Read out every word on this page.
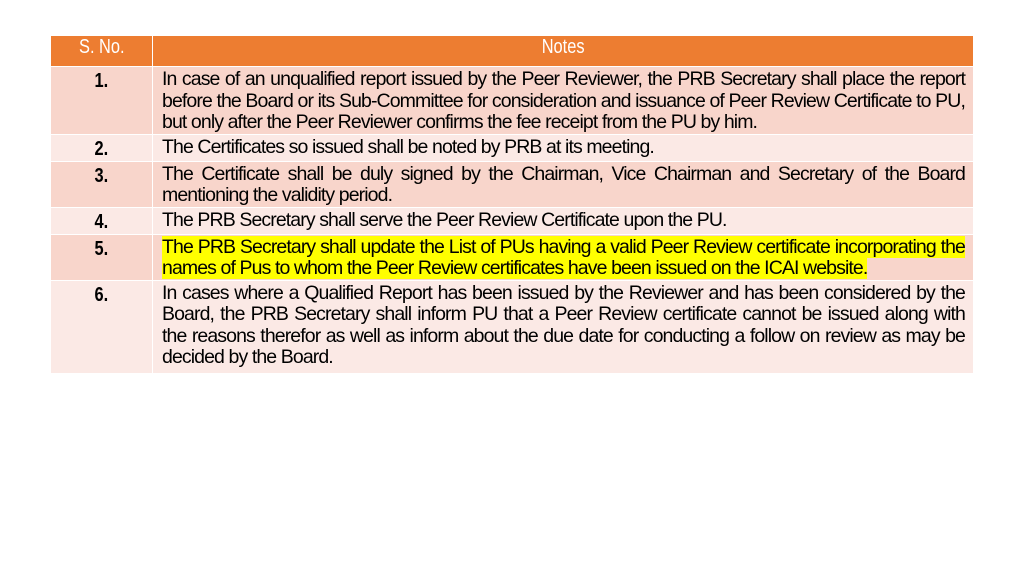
S. No.	Notes
1.	In case of an unqualified report issued by the Peer Reviewer, the PRB Secretary shall place the report before the Board or its Sub-Committee for consideration and issuance of Peer Review Certificate to PU, but only after the Peer Reviewer confirms the fee receipt from the PU by him.

2.	The Certificates so issued shall be noted by PRB at its meeting.

3.	The Certificate shall be duly signed by the Chairman, Vice Chairman and Secretary of the Board mentioning the validity period.

4.	The PRB Secretary shall serve the Peer Review Certificate upon the PU.

5.	The PRB Secretary shall update the List of PUs having a valid Peer Review certificate incorporating the names of Pus to whom the Peer Review certificates have been issued on the ICAI website.

6.	In cases where a Qualified Report has been issued by the Reviewer and has been considered by the Board, the PRB Secretary shall inform PU that a Peer Review certificate cannot be issued along with the reasons therefor as well as inform about the due date for conducting a follow on review as may be decided by the Board.
